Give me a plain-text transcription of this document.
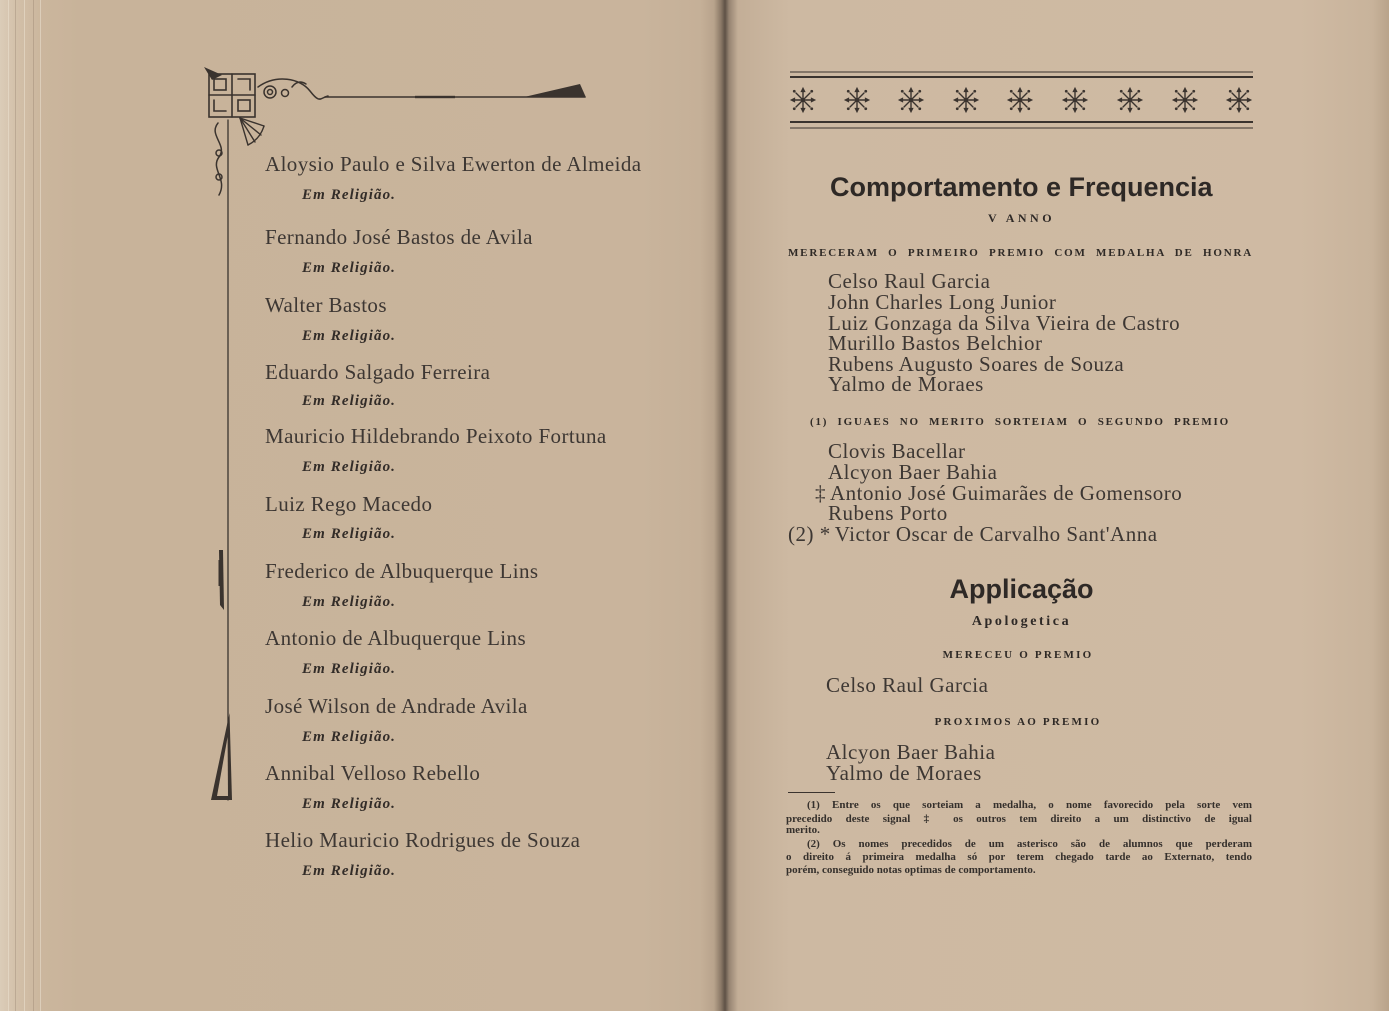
Aloysio Paulo e Silva Ewerton de Almeida
Em Religião.
Fernando José Bastos de Avila
Em Religião.
Walter Bastos
Em Religião.
Eduardo Salgado Ferreira
Em Religião.
Mauricio Hildebrando Peixoto Fortuna
Em Religião.
Luiz Rego Macedo
Em Religião.
Frederico de Albuquerque Lins
Em Religião.
Antonio de Albuquerque Lins
Em Religião.
José Wilson de Andrade Avila
Em Religião.
Annibal Velloso Rebello
Em Religião.
Helio Mauricio Rodrigues de Souza
Em Religião.
Comportamento e Frequencia
V ANNO
MERECERAM O PRIMEIRO PREMIO COM MEDALHA DE HONRA
Celso Raul Garcia
John Charles Long Junior
Luiz Gonzaga da Silva Vieira de Castro
Murillo Bastos Belchior
Rubens Augusto Soares de Souza
Yalmo de Moraes
(1) IGUAES NO MERITO SORTEIAM O SEGUNDO PREMIO
Clovis Bacellar
Alcyon Baer Bahia
‡ Antonio José Guimarães de Gomensoro
Rubens Porto
(2) * Victor Oscar de Carvalho Sant'Anna
Applicação
Apologetica
MERECEU O PREMIO
Celso Raul Garcia
PROXIMOS AO PREMIO
Alcyon Baer Bahia
Yalmo de Moraes
(1) Entre os que sorteiam a medalha, o nome favorecido pela sorte vem
precedido deste signal ‡ os outros tem direito a um distinctivo de igual
merito.
(2) Os nomes precedidos de um asterisco são de alumnos que perderam
o direito á primeira medalha só por terem chegado tarde ao Externato, tendo
porém, conseguido notas optimas de comportamento.
